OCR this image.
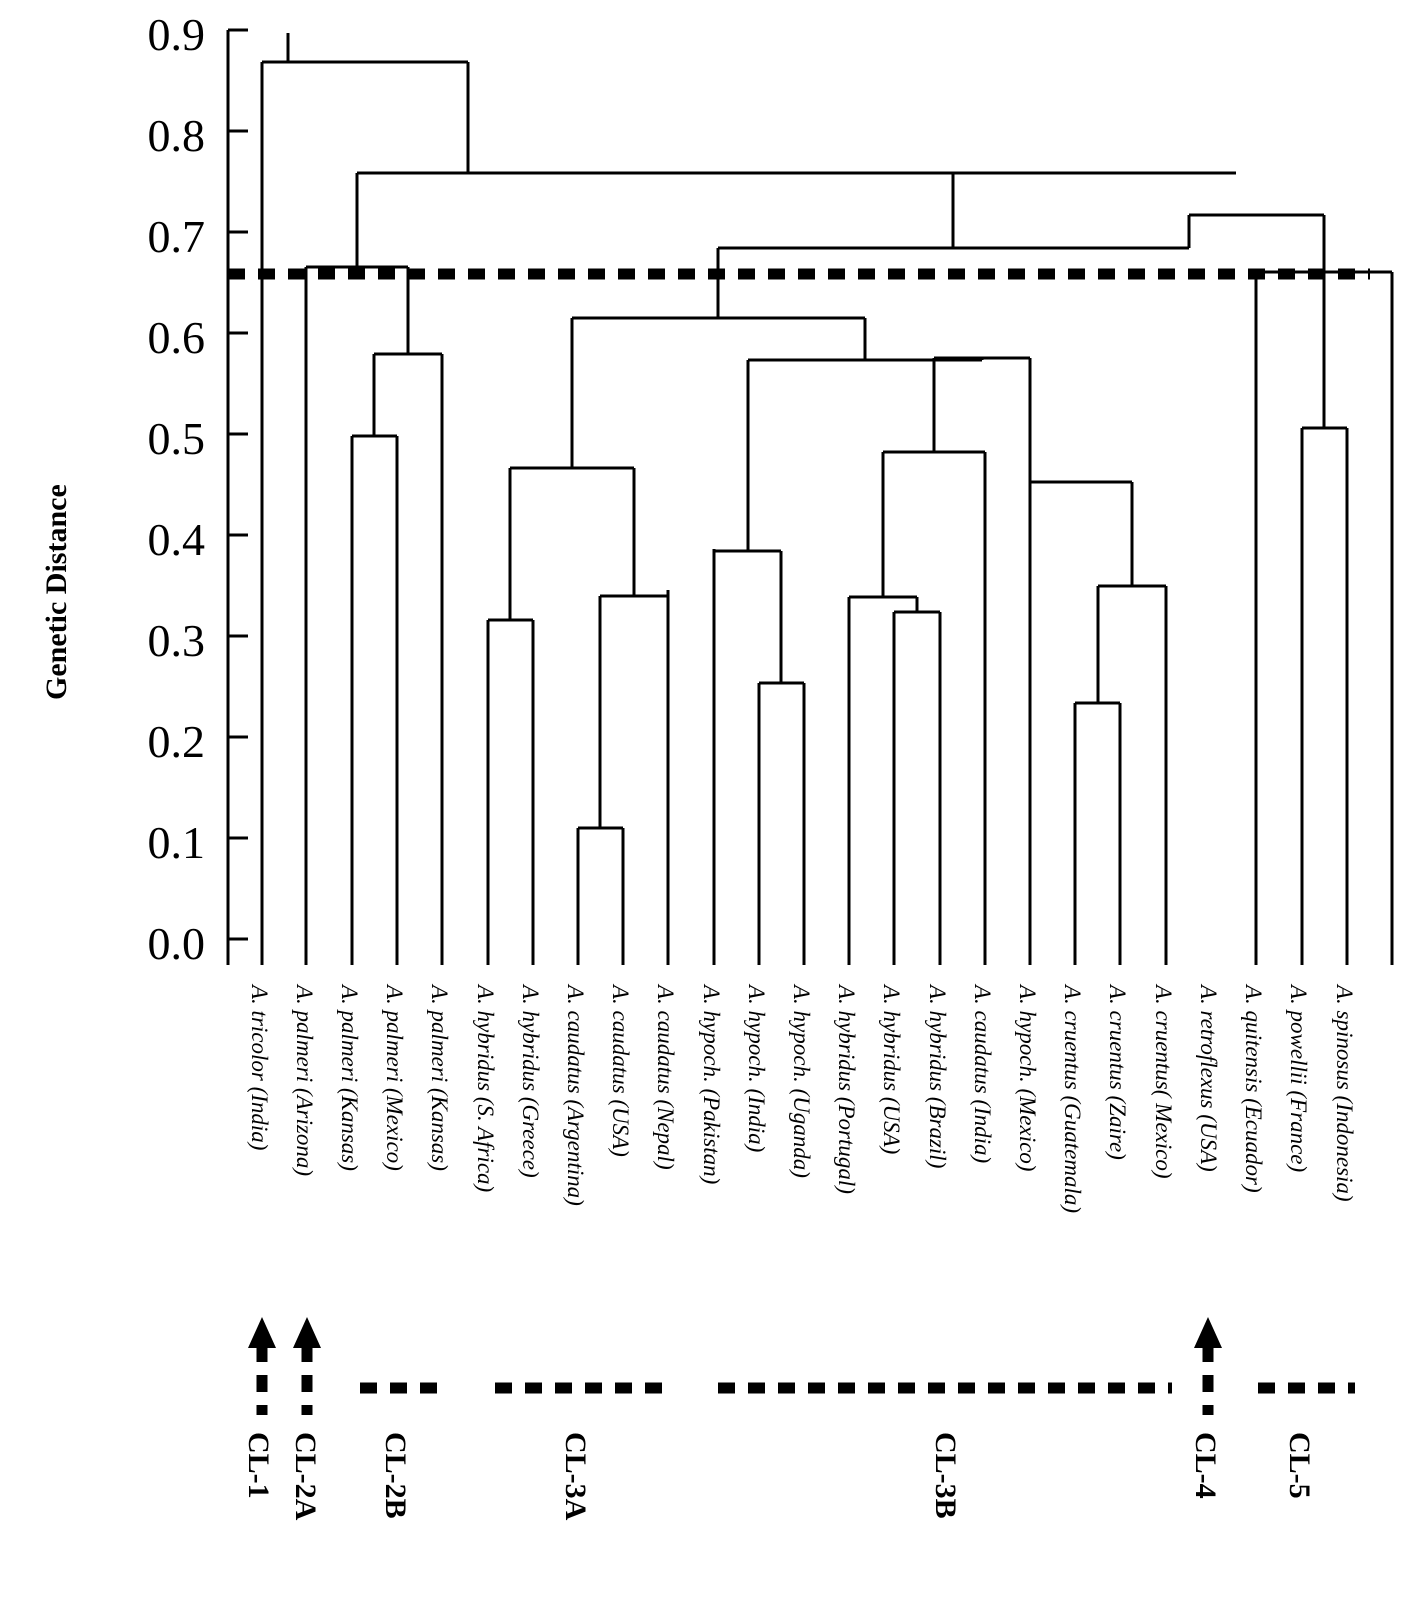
Genetic Distance
0.9
0.8
0.7
0.6
0.5
0.4
0.3
0.2
0.1
0.0
A. tricolor (India) A. palmeri (Arizona) A. palmeri (Kansas) A. palmeri (Mexico) A. palmeri (Kansas) A. hybridus (S. Africa) A. hybridus (Greece) A. caudatus (Argentina) A. caudatus (USA) A. caudatus (Nepal) A. hypoch. (Pakistan) A. hypoch. (India) A. hypoch. (Uganda) A. hybridus (Portugal) A. hybridus (USA) A. hybridus (Brazil) A. caudatus (India) A. hypoch. (Mexico) A. cruentus (Guatemala) A. cruentus (Zaire) A. cruentus( Mexico) A. retroflexus (USA) A. quitensis (Ecuador) A. powellii (France) A. spinosus (Indonesia)
CL-1 CL-2A CL-2B	CL-3A	CL-3B	CL-4 CL-5
